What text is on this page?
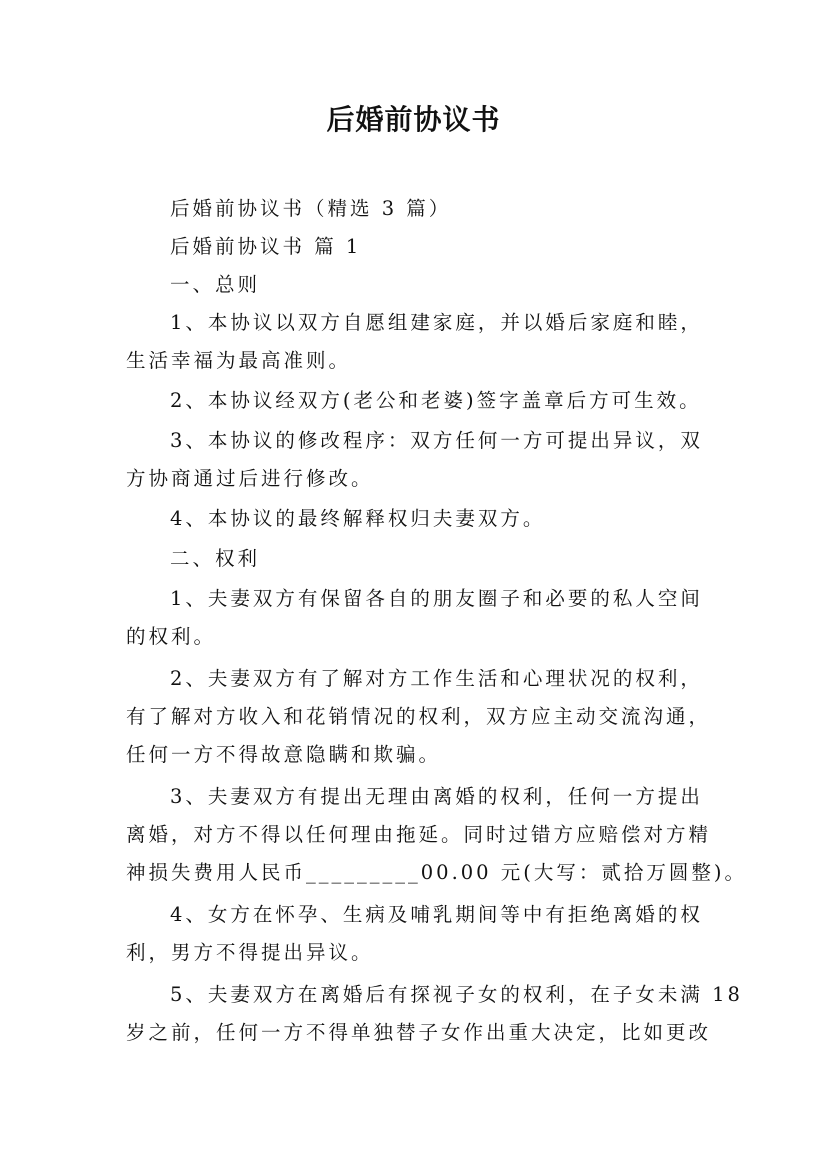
后婚前协议书
后婚前协议书（精选 3 篇）
后婚前协议书 篇 1
一、总则
1、本协议以双方自愿组建家庭，并以婚后家庭和睦，
生活幸福为最高准则。
2、本协议经双方(老公和老婆)签字盖章后方可生效。
3、本协议的修改程序：双方任何一方可提出异议，双
方协商通过后进行修改。
4、本协议的最终解释权归夫妻双方。
二、权利
1、夫妻双方有保留各自的朋友圈子和必要的私人空间
的权利。
2、夫妻双方有了解对方工作生活和心理状况的权利，
有了解对方收入和花销情况的权利，双方应主动交流沟通，
任何一方不得故意隐瞒和欺骗。
3、夫妻双方有提出无理由离婚的权利，任何一方提出
离婚，对方不得以任何理由拖延。同时过错方应赔偿对方精
神损失费用人民币_________00.00 元(大写：贰拾万圆整)。
4、女方在怀孕、生病及哺乳期间等中有拒绝离婚的权
利，男方不得提出异议。
5、夫妻双方在离婚后有探视子女的权利，在子女未满 18
岁之前，任何一方不得单独替子女作出重大决定，比如更改
